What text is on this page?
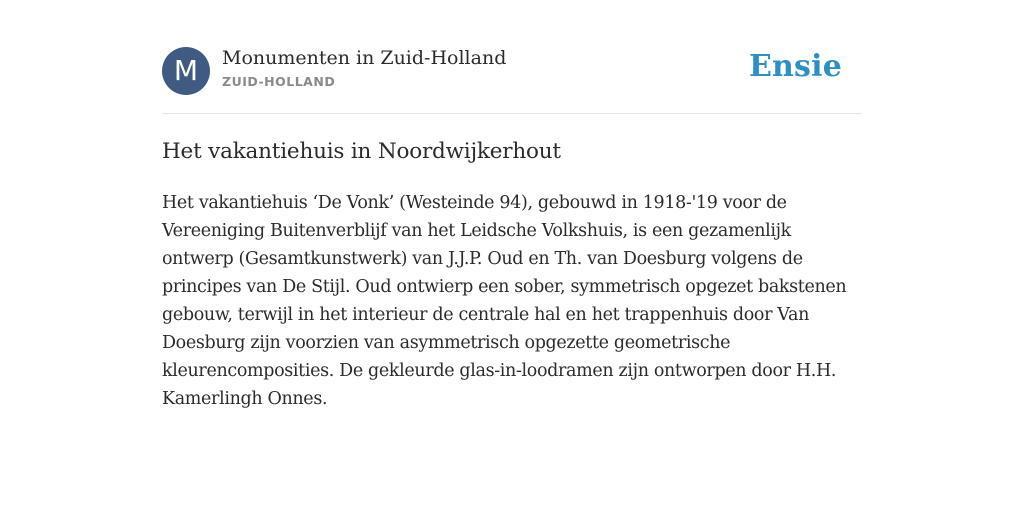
M	Monumenten in Zuid-Holland
ZUID-HOLLAND	Ensie
Het vakantiehuis in Noordwijkerhout
Het vakantiehuis ‘De Vonk’ (Westeinde 94), gebouwd in 1918-'19 voor de
Vereeniging Buitenverblijf van het Leidsche Volkshuis, is een gezamenlijk
ontwerp (Gesamtkunstwerk) van J.J.P. Oud en Th. van Doesburg volgens de
principes van De Stijl. Oud ontwierp een sober, symmetrisch opgezet bakstenen
gebouw, terwijl in het interieur de centrale hal en het trappenhuis door Van
Doesburg zijn voorzien van asymmetrisch opgezette geometrische
kleurencomposities. De gekleurde glas-in-loodramen zijn ontworpen door H.H.
Kamerlingh Onnes.
